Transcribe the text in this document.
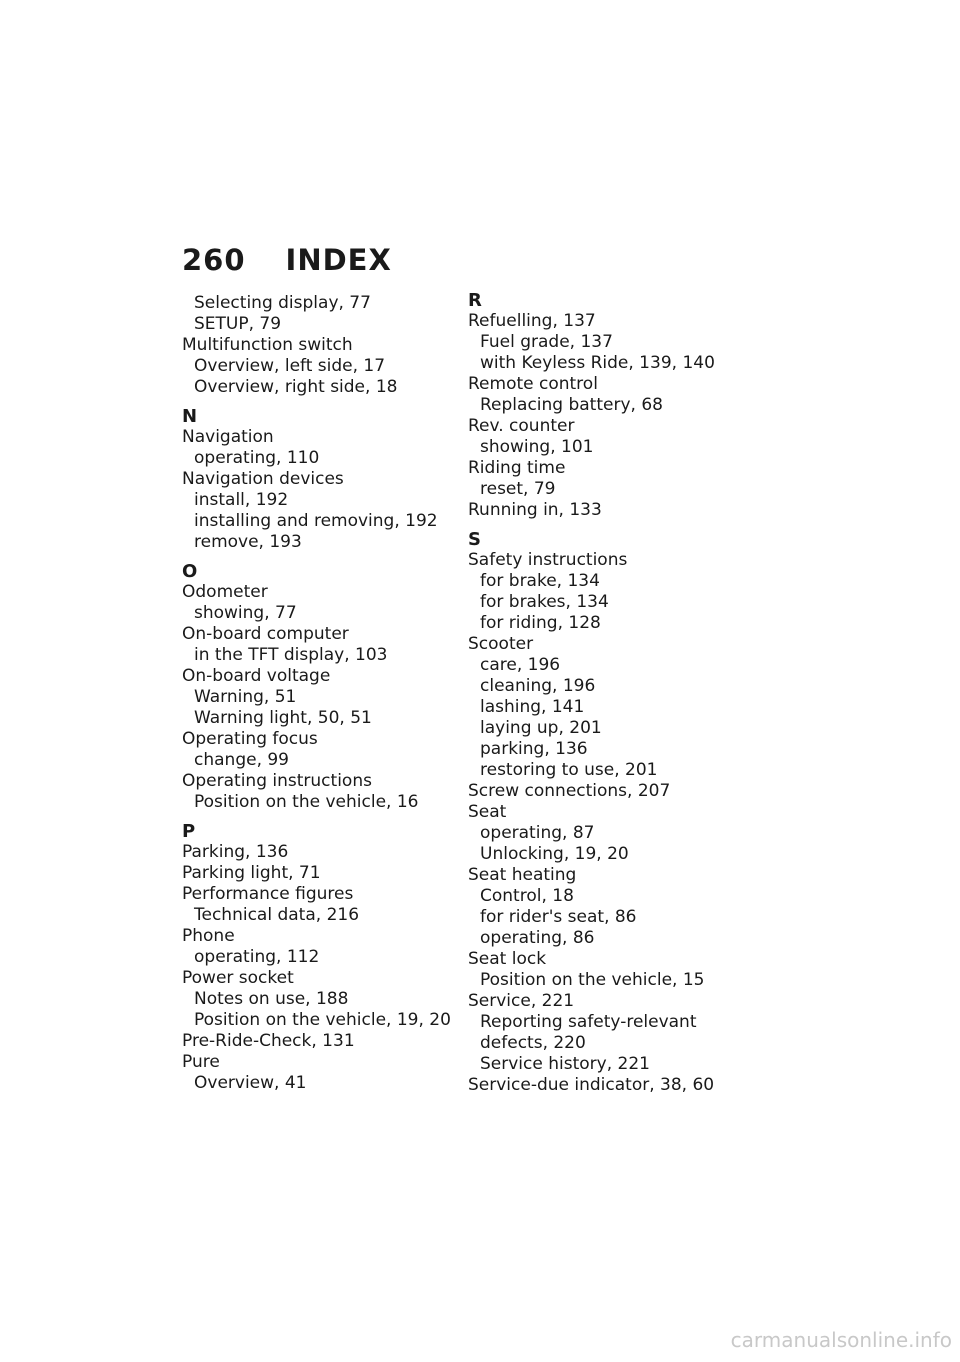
260 INDEX
Selecting display, 77
SETUP, 79
Multifunction switch
Overview, left side, 17
Overview, right side, 18
N
Navigation
operating, 110
Navigation devices
install, 192
installing and removing, 192
remove, 193
O
Odometer
showing, 77
On-board computer
in the TFT display, 103
On-board voltage
Warning, 51
Warning light, 50, 51
Operating focus
change, 99
Operating instructions
Position on the vehicle, 16
P
Parking, 136
Parking light, 71
Performance figures
Technical data, 216
Phone
operating, 112
Power socket
Notes on use, 188
Position on the vehicle, 19, 20
Pre-Ride-Check, 131
Pure
Overview, 41
R
Refuelling, 137
Fuel grade, 137
with Keyless Ride, 139, 140
Remote control
Replacing battery, 68
Rev. counter
showing, 101
Riding time
reset, 79
Running in, 133
S
Safety instructions
for brake, 134
for brakes, 134
for riding, 128
Scooter
care, 196
cleaning, 196
lashing, 141
laying up, 201
parking, 136
restoring to use, 201
Screw connections, 207
Seat
operating, 87
Unlocking, 19, 20
Seat heating
Control, 18
for rider's seat, 86
operating, 86
Seat lock
Position on the vehicle, 15
Service, 221
Reporting safety-relevant
defects, 220
Service history, 221
Service-due indicator, 38, 60
carmanualsonline.info
